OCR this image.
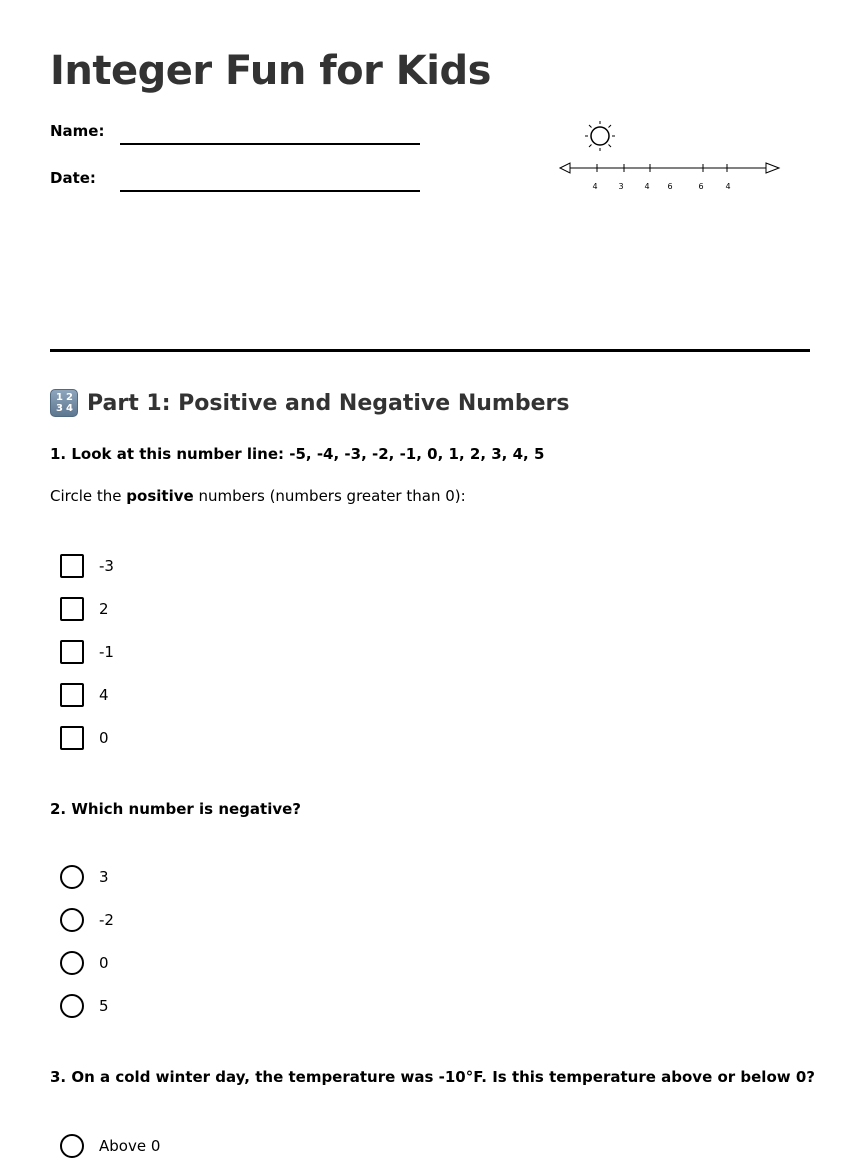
Integer Fun for Kids
Name:
Date:	4	3	4 6	6	4
1 2
3 4 Part 1: Positive and Negative Numbers

1. Look at this number line: -5, -4, -3, -2, -1, 0, 1, 2, 3, 4, 5

Circle the positive numbers (numbers greater than 0):

-3
2
-1
4
0

2. Which number is negative?

3
-2
0
5

3. On a cold winter day, the temperature was -10°F. Is this temperature above or below 0?

Above 0
